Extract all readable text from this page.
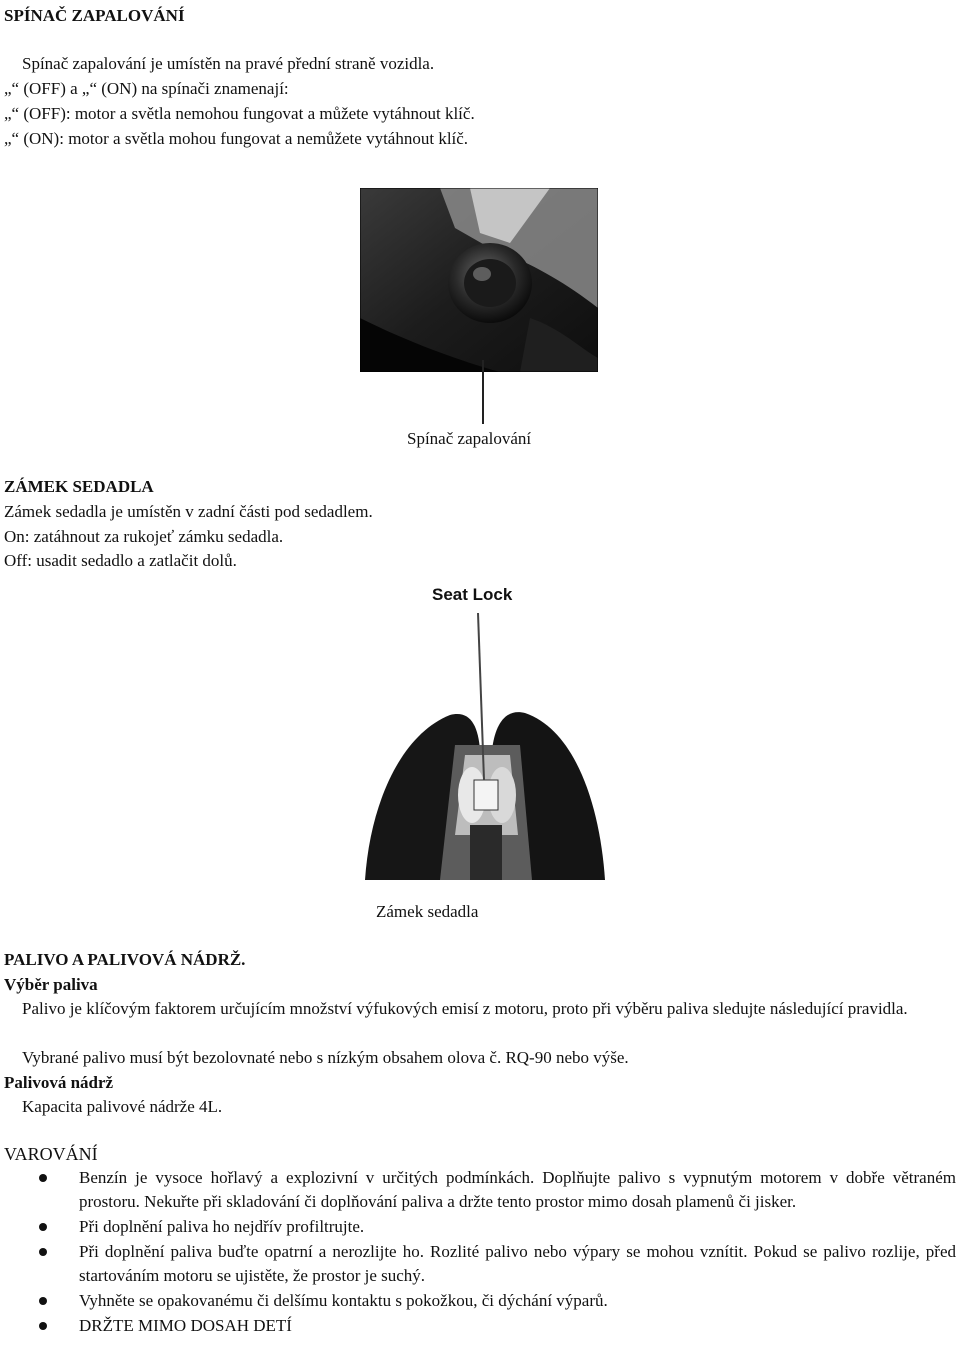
SPÍNAČ ZAPALOVÁNÍ
Spínač zapalování je umístěn na pravé přední straně vozidla.
„“ (OFF) a „“ (ON) na spínači znamenají:
„“ (OFF): motor a světla nemohou fungovat a můžete vytáhnout klíč.
„“ (ON): motor a světla mohou fungovat a nemůžete vytáhnout klíč.
Spínač zapalování
ZÁMEK SEDADLA
Zámek sedadla je umístěn v zadní části pod sedadlem.
On: zatáhnout za rukojeť zámku sedadla.
Off: usadit sedadlo a zatlačit dolů.
Seat Lock
Zámek sedadla
PALIVO A PALIVOVÁ NÁDRŽ.
Výběr paliva
Palivo je klíčovým faktorem určujícím množství výfukových emisí z motoru, proto při výběru paliva sledujte následující pravidla.
Vybrané palivo musí být bezolovnaté nebo s nízkým obsahem olova č. RQ-90 nebo výše.
Palivová nádrž
Kapacita palivové nádrže 4L.
VAROVÁNÍ
Benzín je vysoce hořlavý a explozivní v určitých podmínkách. Doplňujte palivo s vypnutým motorem v dobře větraném prostoru. Nekuřte při skladování či doplňování paliva a držte tento prostor mimo dosah plamenů či jisker.
Při doplnění paliva ho nejdřív profiltrujte.
Při doplnění paliva buďte opatrní a nerozlijte ho. Rozlité palivo nebo výpary se mohou vznítit. Pokud se palivo rozlije, před startováním motoru se ujistěte, že prostor je suchý.
Vyhněte se opakovanému či delšímu kontaktu s pokožkou, či dýchání výparů.
DRŽTE MIMO DOSAH DETÍ
